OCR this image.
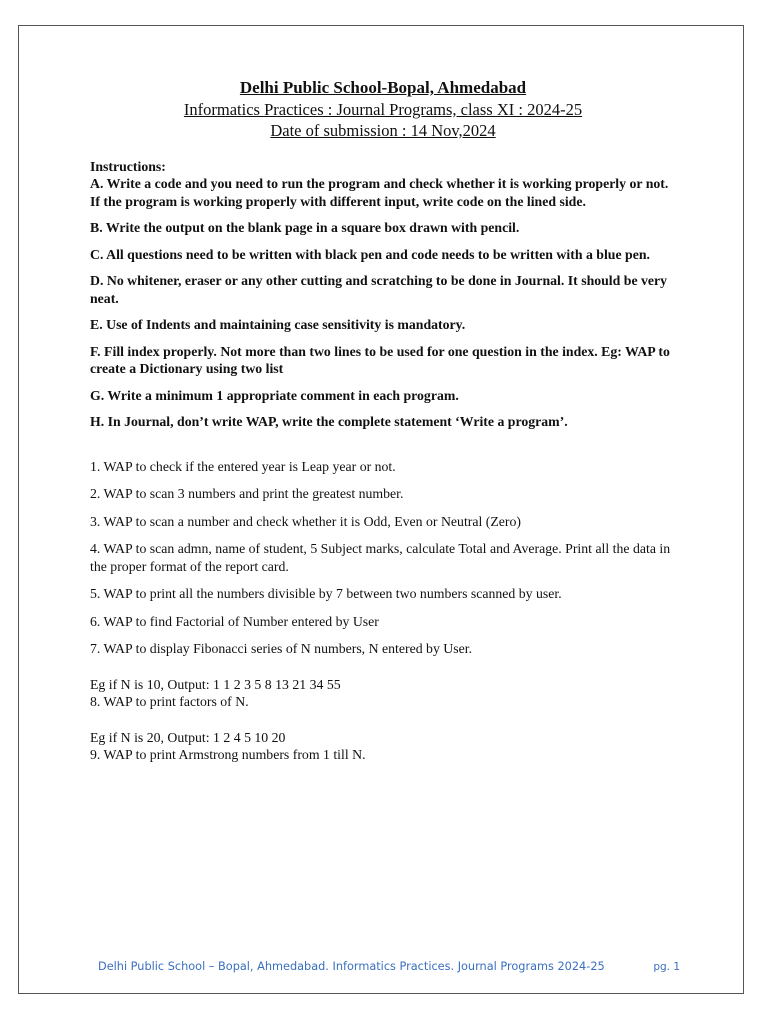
Delhi Public School-Bopal, Ahmedabad
Informatics Practices : Journal Programs, class XI : 2024-25
Date of submission : 14 Nov,2024
Instructions:
A. Write a code and you need to run the program and check whether it is working properly or not. If the program is working properly with different input, write code on the lined side.
B. Write the output on the blank page in a square box drawn with pencil.
C. All questions need to be written with black pen and code needs to be written with a blue pen.
D. No whitener, eraser or any other cutting and scratching to be done in Journal. It should be very neat.
E. Use of Indents and maintaining case sensitivity is mandatory.
F. Fill index properly. Not more than two lines to be used for one question in the index. Eg: WAP to create a Dictionary using two list
G. Write a minimum 1 appropriate comment in each program.
H. In Journal, don’t write WAP, write the complete statement ‘Write a program’.
1. WAP to check if the entered year is Leap year or not.
2. WAP to scan 3 numbers and print the greatest number.
3. WAP to scan a number and check whether it is Odd, Even or Neutral (Zero)
4. WAP to scan admn, name of student, 5 Subject marks, calculate Total and Average. Print all the data in the proper format of the report card.
5. WAP to print all the numbers divisible by 7 between two numbers scanned by user.
6. WAP to find Factorial of Number entered by User
7. WAP to display Fibonacci series of N numbers, N entered by User.
Eg if N is 10, Output: 1 1 2 3 5 8 13 21 34 55
8. WAP to print factors of N.
Eg if N is 20, Output: 1 2 4 5 10 20
9. WAP to print Armstrong numbers from 1 till N.
Delhi Public School – Bopal, Ahmedabad. Informatics Practices. Journal Programs 2024-25	pg. 1
